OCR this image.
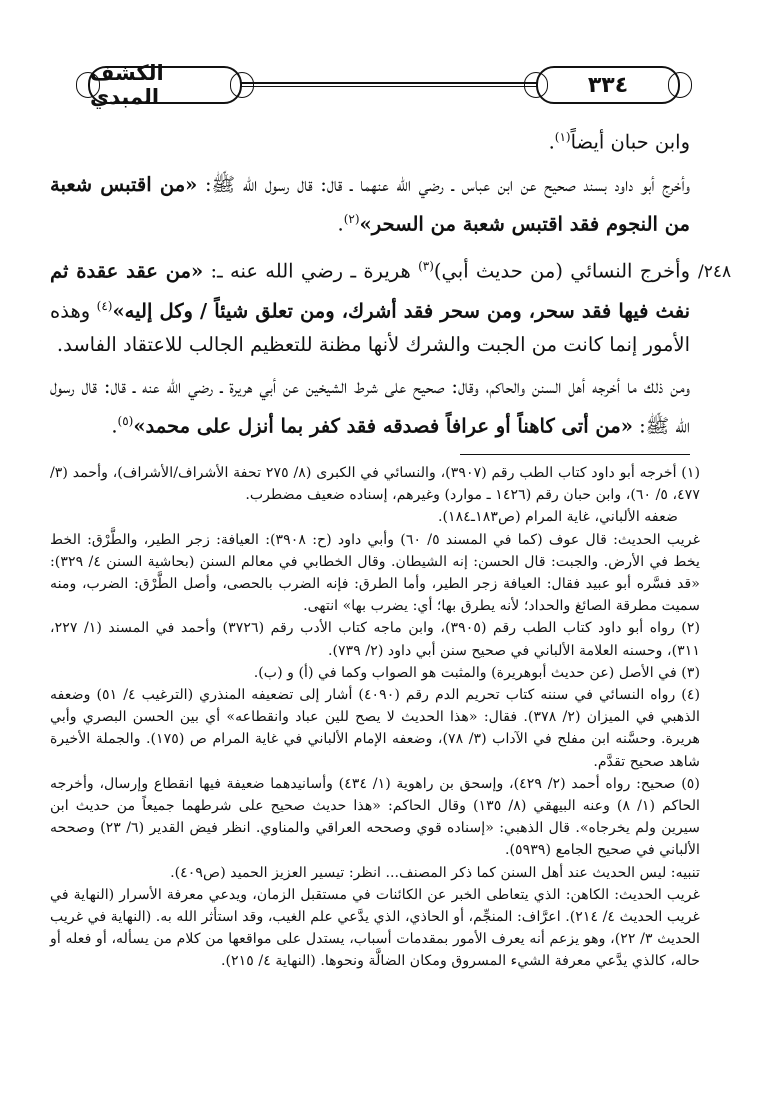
الكشف المبدي	٣٣٤
٢٤٨/

وابن حبان أيضاً$^{(١)}$.

وأخرج أبو داود بسند صحيح عن ابن عباس ـ رضي الله عنهما ـ قال: قال رسول الله ﷺ: «من اقتبس شعبة من النجوم فقد اقتبس شعبة من السحر»$^{(٢)}$.

وأخرج النسائي (من حديث أبي)$^{(٣)}$ هريرة ـ رضي الله عنه ـ: «من عقد عقدة ثم نفث فيها فقد سحر، ومن سحر فقد أشرك، ومن تعلق شيئاً / وكل إليه»$^{(٤)}$ وهذه الأمور إنما كانت من الجبت والشرك لأنها مظنة للتعظيم الجالب للاعتقاد الفاسد.

ومن ذلك ما أخرجه أهل السنن والحاكم، وقال: صحيح على شرط الشيخين عن أبي هريرة ـ رضي الله عنه ـ قال: قال رسول الله ﷺ: «من أتى كاهناً أو عرافاً فصدقه فقد كفر بما أنزل على محمد»$^{(٥)}$.

(١) أخرجه أبو داود كتاب الطب رقم (٣٩٠٧)، والنسائي في الكبرى (٨/ ٢٧٥ تحفة الأشراف/الأشراف)، وأحمد (٣/ ٤٧٧، ٥/ ٦٠)، وابن حبان رقم (١٤٢٦ ـ موارد) وغيرهم، إسناده ضعيف مضطرب.

ضعفه الألباني، غاية المرام (ص١٨٣ـ١٨٤).

غريب الحديث: قال عوف (كما في المسند ٥/ ٦٠) وأبي داود (ح: ٣٩٠٨): العيافة: زجر الطير، والطَّرْق: الخط يخط في الأرض. والجبت: قال الحسن: إنه الشيطان. وقال الخطابي في معالم السنن (بحاشية السنن ٤/ ٣٢٩): «قد فسَّره أبو عبيد فقال: العيافة زجر الطير، وأما الطرق: فإنه الضرب بالحصى، وأصل الطَّرْق: الضرب، ومنه سميت مطرقة الصائغ والحداد؛ لأنه يطرق بها؛ أي: يضرب بها» انتهى.

(٢) رواه أبو داود كتاب الطب رقم (٣٩٠٥)، وابن ماجه كتاب الأدب رقم (٣٧٢٦) وأحمد في المسند (١/ ٢٢٧، ٣١١)، وحسنه العلامة الألباني في صحيح سنن أبي داود (٢/ ٧٣٩).

(٣) في الأصل (عن حديث أبوهريرة) والمثبت هو الصواب وكما في (أ) و (ب).

(٤) رواه النسائي في سننه كتاب تحريم الدم رقم (٤٠٩٠) أشار إلى تضعيفه المنذري (الترغيب ٤/ ٥١) وضعفه الذهبي في الميزان (٢/ ٣٧٨). فقال: «هذا الحديث لا يصح للين عباد وانقطاعه» أي بين الحسن البصري وأبي هريرة. وحسَّنه ابن مفلح في الآداب (٣/ ٧٨)، وضعفه الإمام الألباني في غاية المرام ص (١٧٥). والجملة الأخيرة شاهد صحيح تقدَّم.

(٥) صحيح: رواه أحمد (٢/ ٤٢٩)، وإسحق بن راهوية (١/ ٤٣٤) وأسانيدهما ضعيفة فيها انقطاع وإرسال، وأخرجه الحاكم (١/ ٨) وعنه البيهقي (٨/ ١٣٥) وقال الحاكم: «هذا حديث صحيح على شرطهما جميعاً من حديث ابن سيرين ولم يخرجاه». قال الذهبي: «إسناده قوي وصححه العراقي والمناوي. انظر فيض القدير (٦/ ٢٣) وصححه الألباني في صحيح الجامع (٥٩٣٩).

تنبيه: ليس الحديث عند أهل السنن كما ذكر المصنف... انظر: تيسير العزيز الحميد (ص٤٠٩).

غريب الحديث: الكاهن: الذي يتعاطى الخبر عن الكائنات في مستقبل الزمان، ويدعي معرفة الأسرار (النهاية في غريب الحديث ٤/ ٢١٤). اعرَّاف: المنجِّم، أو الحاذي، الذي يدَّعي علم الغيب، وقد استأثر الله به. (النهاية في غريب الحديث ٣/ ٢٢)، وهو يزعم أنه يعرف الأمور بمقدمات أسباب، يستدل على مواقعها من كلام من يسأله، أو فعله أو حاله، كالذي يدَّعي معرفة الشيء المسروق ومكان الضالَّة ونحوها. (النهاية ٤/ ٢١٥).
